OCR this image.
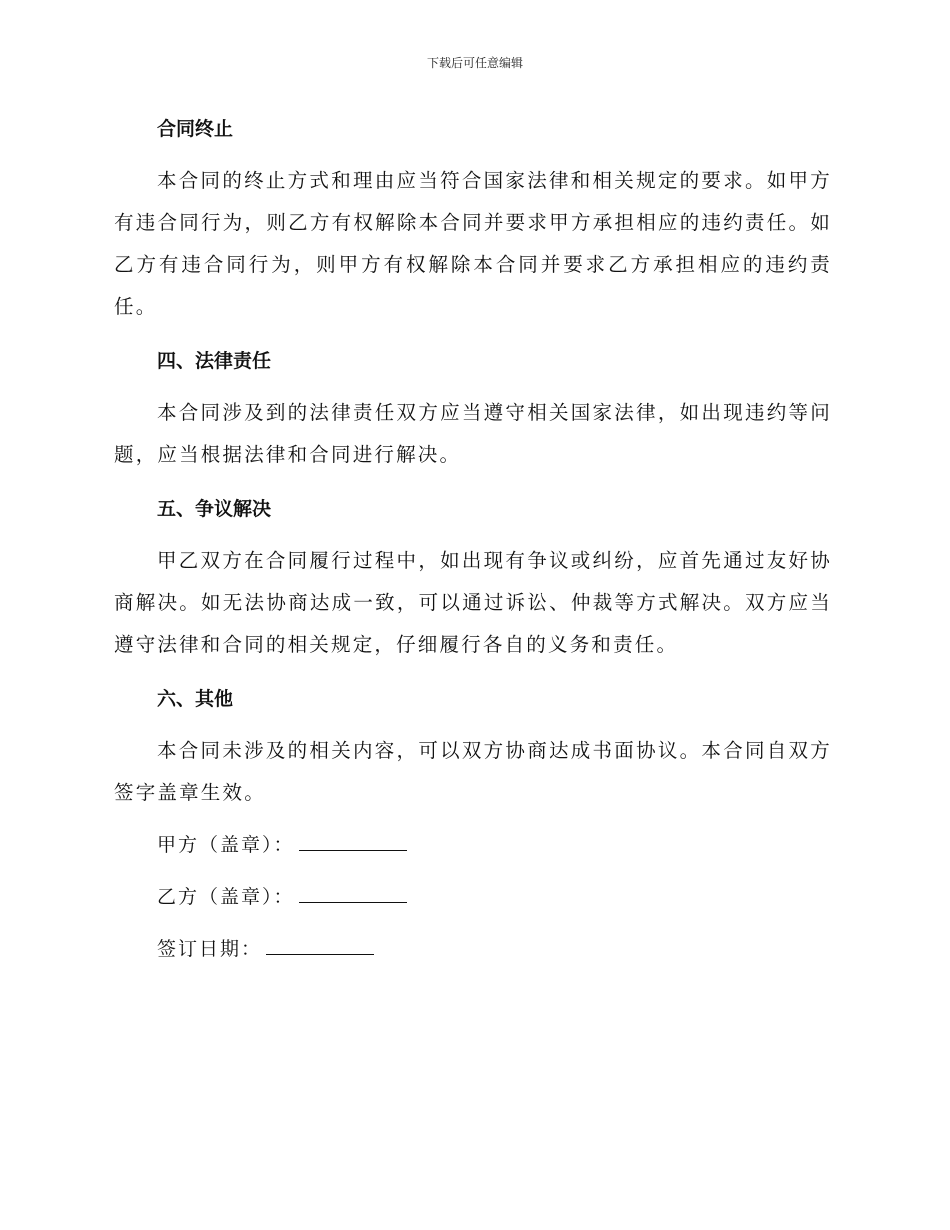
下载后可任意编辑
合同终止

本合同的终止方式和理由应当符合国家法律和相关规定的要求。如甲方有违合同行为，则乙方有权解除本合同并要求甲方承担相应的违约责任。如乙方有违合同行为，则甲方有权解除本合同并要求乙方承担相应的违约责任。

四、法律责任

本合同涉及到的法律责任双方应当遵守相关国家法律，如出现违约等问题，应当根据法律和合同进行解决。

五、争议解决

甲乙双方在合同履行过程中，如出现有争议或纠纷，应首先通过友好协商解决。如无法协商达成一致，可以通过诉讼、仲裁等方式解决。双方应当遵守法律和合同的相关规定，仔细履行各自的义务和责任。

六、其他

本合同未涉及的相关内容，可以双方协商达成书面协议。本合同自双方签字盖章生效。

甲方（盖章）：
乙方（盖章）：
签订日期：
